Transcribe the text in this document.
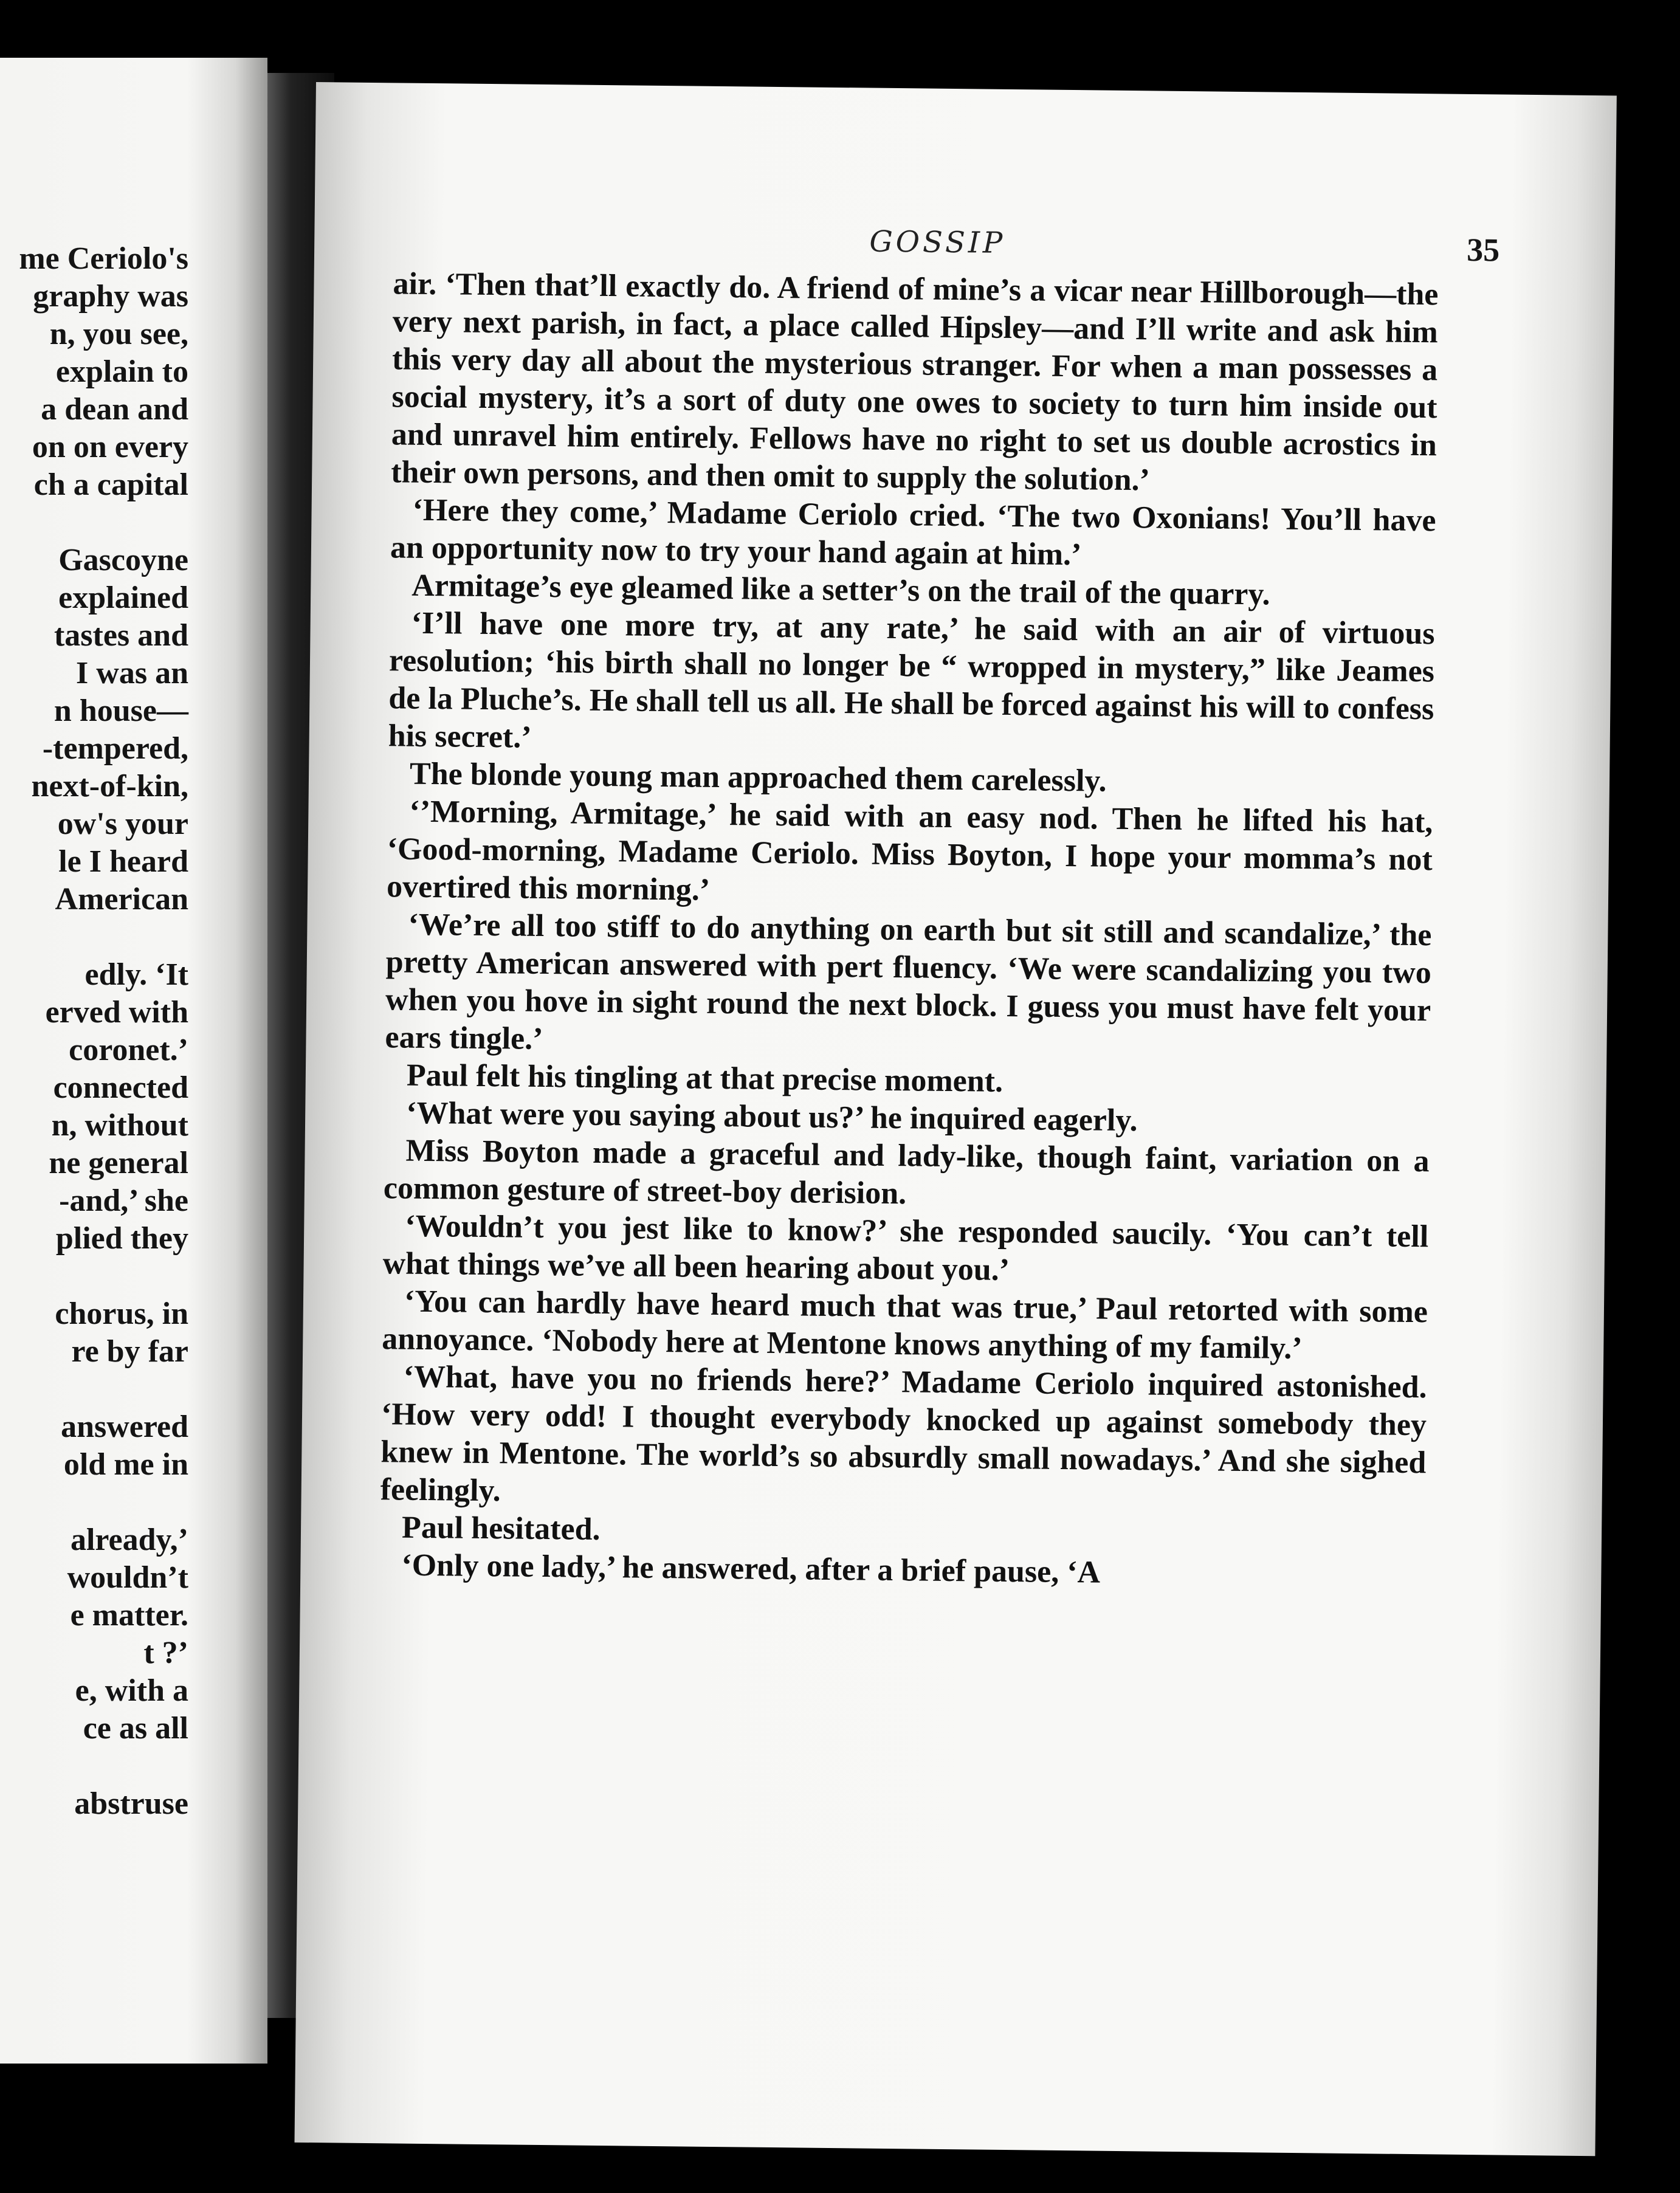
me Ceriolo's
graphy was
n, you see,
explain to
a dean and
on on every
ch a capital
Gascoyne
explained
tastes and
I was an
n house—
-tempered,
next-of-kin,
ow's your
le I heard
American
edly. ‘It
erved with
coronet.’
connected
n, without
ne general
-and,’ she
plied they
chorus, in
re by far
answered
old me in
already,’
wouldn’t
e matter.
t ?’
e, with a
ce as all
abstruse
GOSSIP	35

air. ‘Then that’ll exactly do. A friend of mine’s a vicar near Hillborough—the very next parish, in fact, a place called Hipsley—and I’ll write and ask him this very day all about the mysterious stranger. For when a man possesses a social mystery, it’s a sort of duty one owes to society to turn him inside out and unravel him entirely. Fellows have no right to set us double acrostics in their own persons, and then omit to supply the solution.’

‘Here they come,’ Madame Ceriolo cried. ‘The two Oxonians! You’ll have an opportunity now to try your hand again at him.’

Armitage’s eye gleamed like a setter’s on the trail of the quarry.

‘I’ll have one more try, at any rate,’ he said with an air of virtuous resolution; ‘his birth shall no longer be “ wropped in mystery,” like Jeames de la Pluche’s. He shall tell us all. He shall be forced against his will to confess his secret.’

The blonde young man approached them carelessly.

‘’Morning, Armitage,’ he said with an easy nod. Then he lifted his hat, ‘Good-morning, Madame Ceriolo. Miss Boyton, I hope your momma’s not overtired this morning.’

‘We’re all too stiff to do anything on earth but sit still and scandalize,’ the pretty American answered with pert fluency. ‘We were scandalizing you two when you hove in sight round the next block. I guess you must have felt your ears tingle.’

Paul felt his tingling at that precise moment.

‘What were you saying about us?’ he inquired eagerly.

Miss Boyton made a graceful and lady-like, though faint, variation on a common gesture of street-boy derision.

‘Wouldn’t you jest like to know?’ she responded saucily. ‘You can’t tell what things we’ve all been hearing about you.’

‘You can hardly have heard much that was true,’ Paul retorted with some annoyance. ‘Nobody here at Mentone knows anything of my family.’

‘What, have you no friends here?’ Madame Ceriolo inquired astonished. ‘How very odd! I thought everybody knocked up against somebody they knew in Mentone. The world’s so absurdly small nowadays.’ And she sighed feelingly.

Paul hesitated.

‘Only one lady,’ he answered, after a brief pause, ‘A
